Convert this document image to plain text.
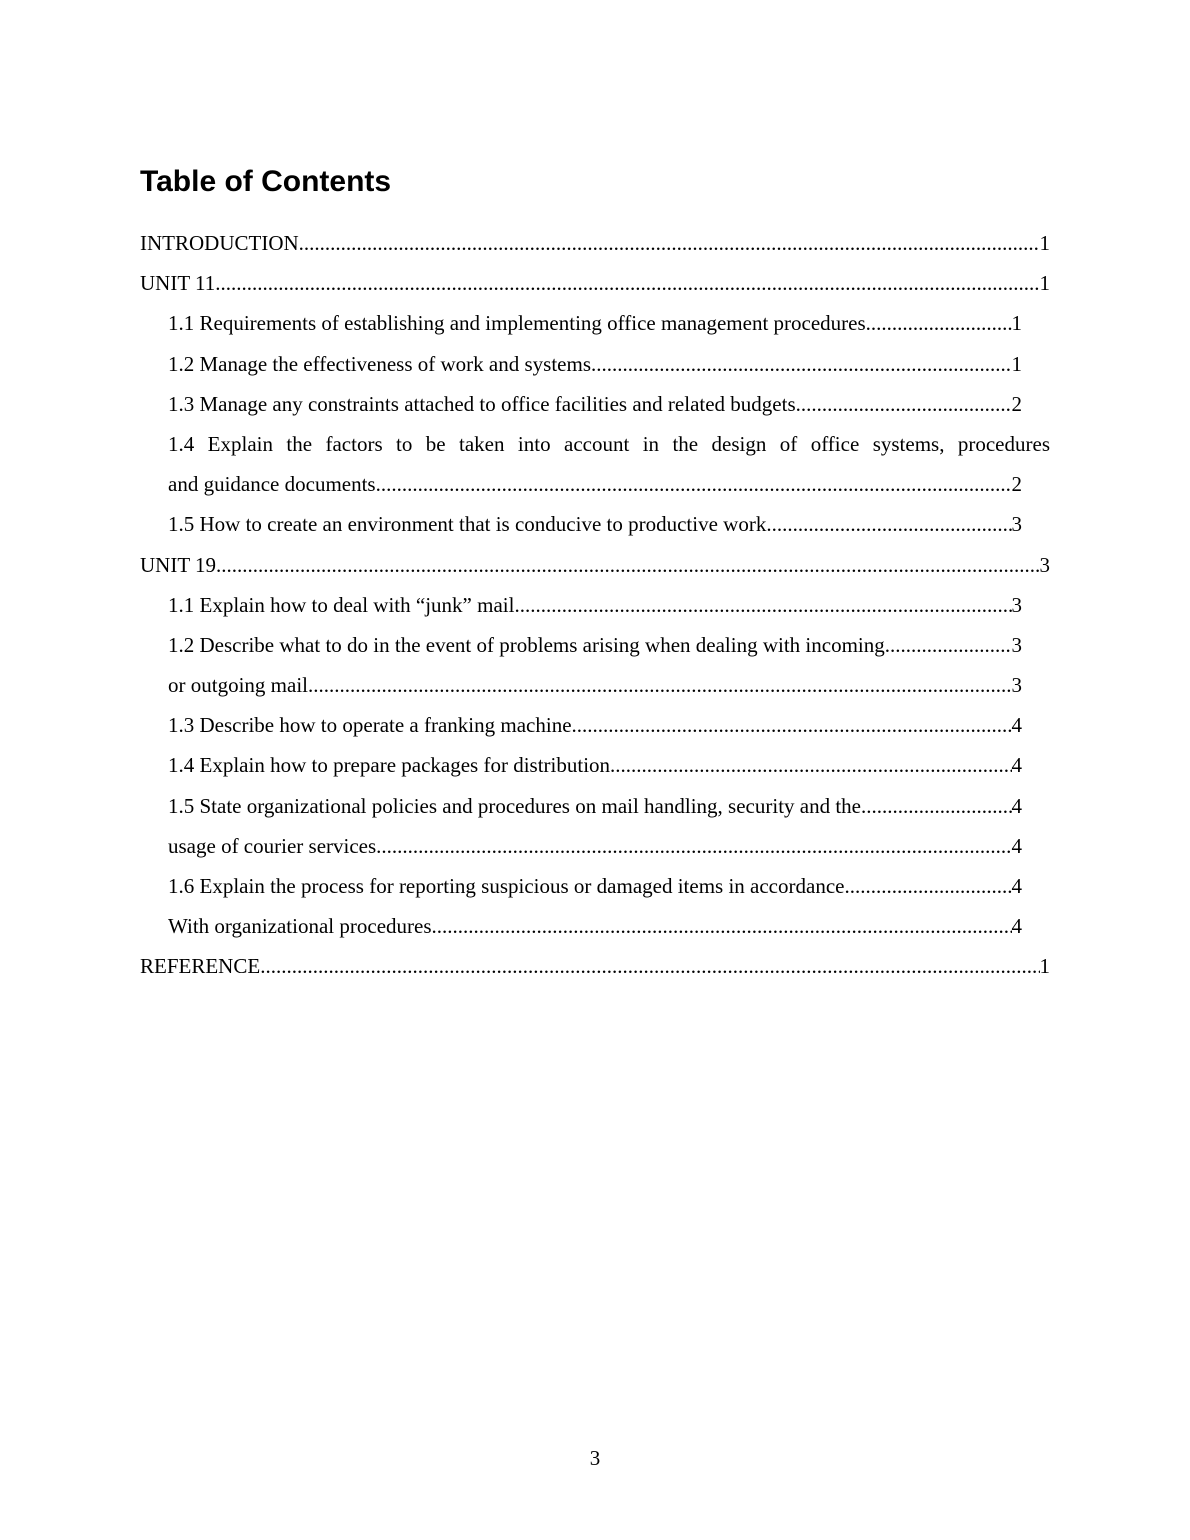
Table of Contents
INTRODUCTION .....	1
UNIT 11 .....	1
1.1 Requirements of establishing and implementing office management procedures .....	1
1.2 Manage the effectiveness of work and systems .....	1
1.3 Manage any constraints attached to office facilities and related budgets .....	2
1.4 Explain the factors to be taken into account in the design of office systems, procedures
and guidance documents .....	2
1.5 How to create an environment that is conducive to productive work .....	3
UNIT 19 .....	3
1.1 Explain how to deal with “junk” mail .....	3
1.2 Describe what to do in the event of problems arising when dealing with incoming .....	3
or outgoing mail .....	3
1.3 Describe how to operate a franking machine .....	4
1.4 Explain how to prepare packages for distribution .....	4
1.5 State organizational policies and procedures on mail handling, security and the .....	4
usage of courier services .....	4
1.6 Explain the process for reporting suspicious or damaged items in accordance .....	4
With organizational procedures .....	4
REFERENCE .....	1
3
